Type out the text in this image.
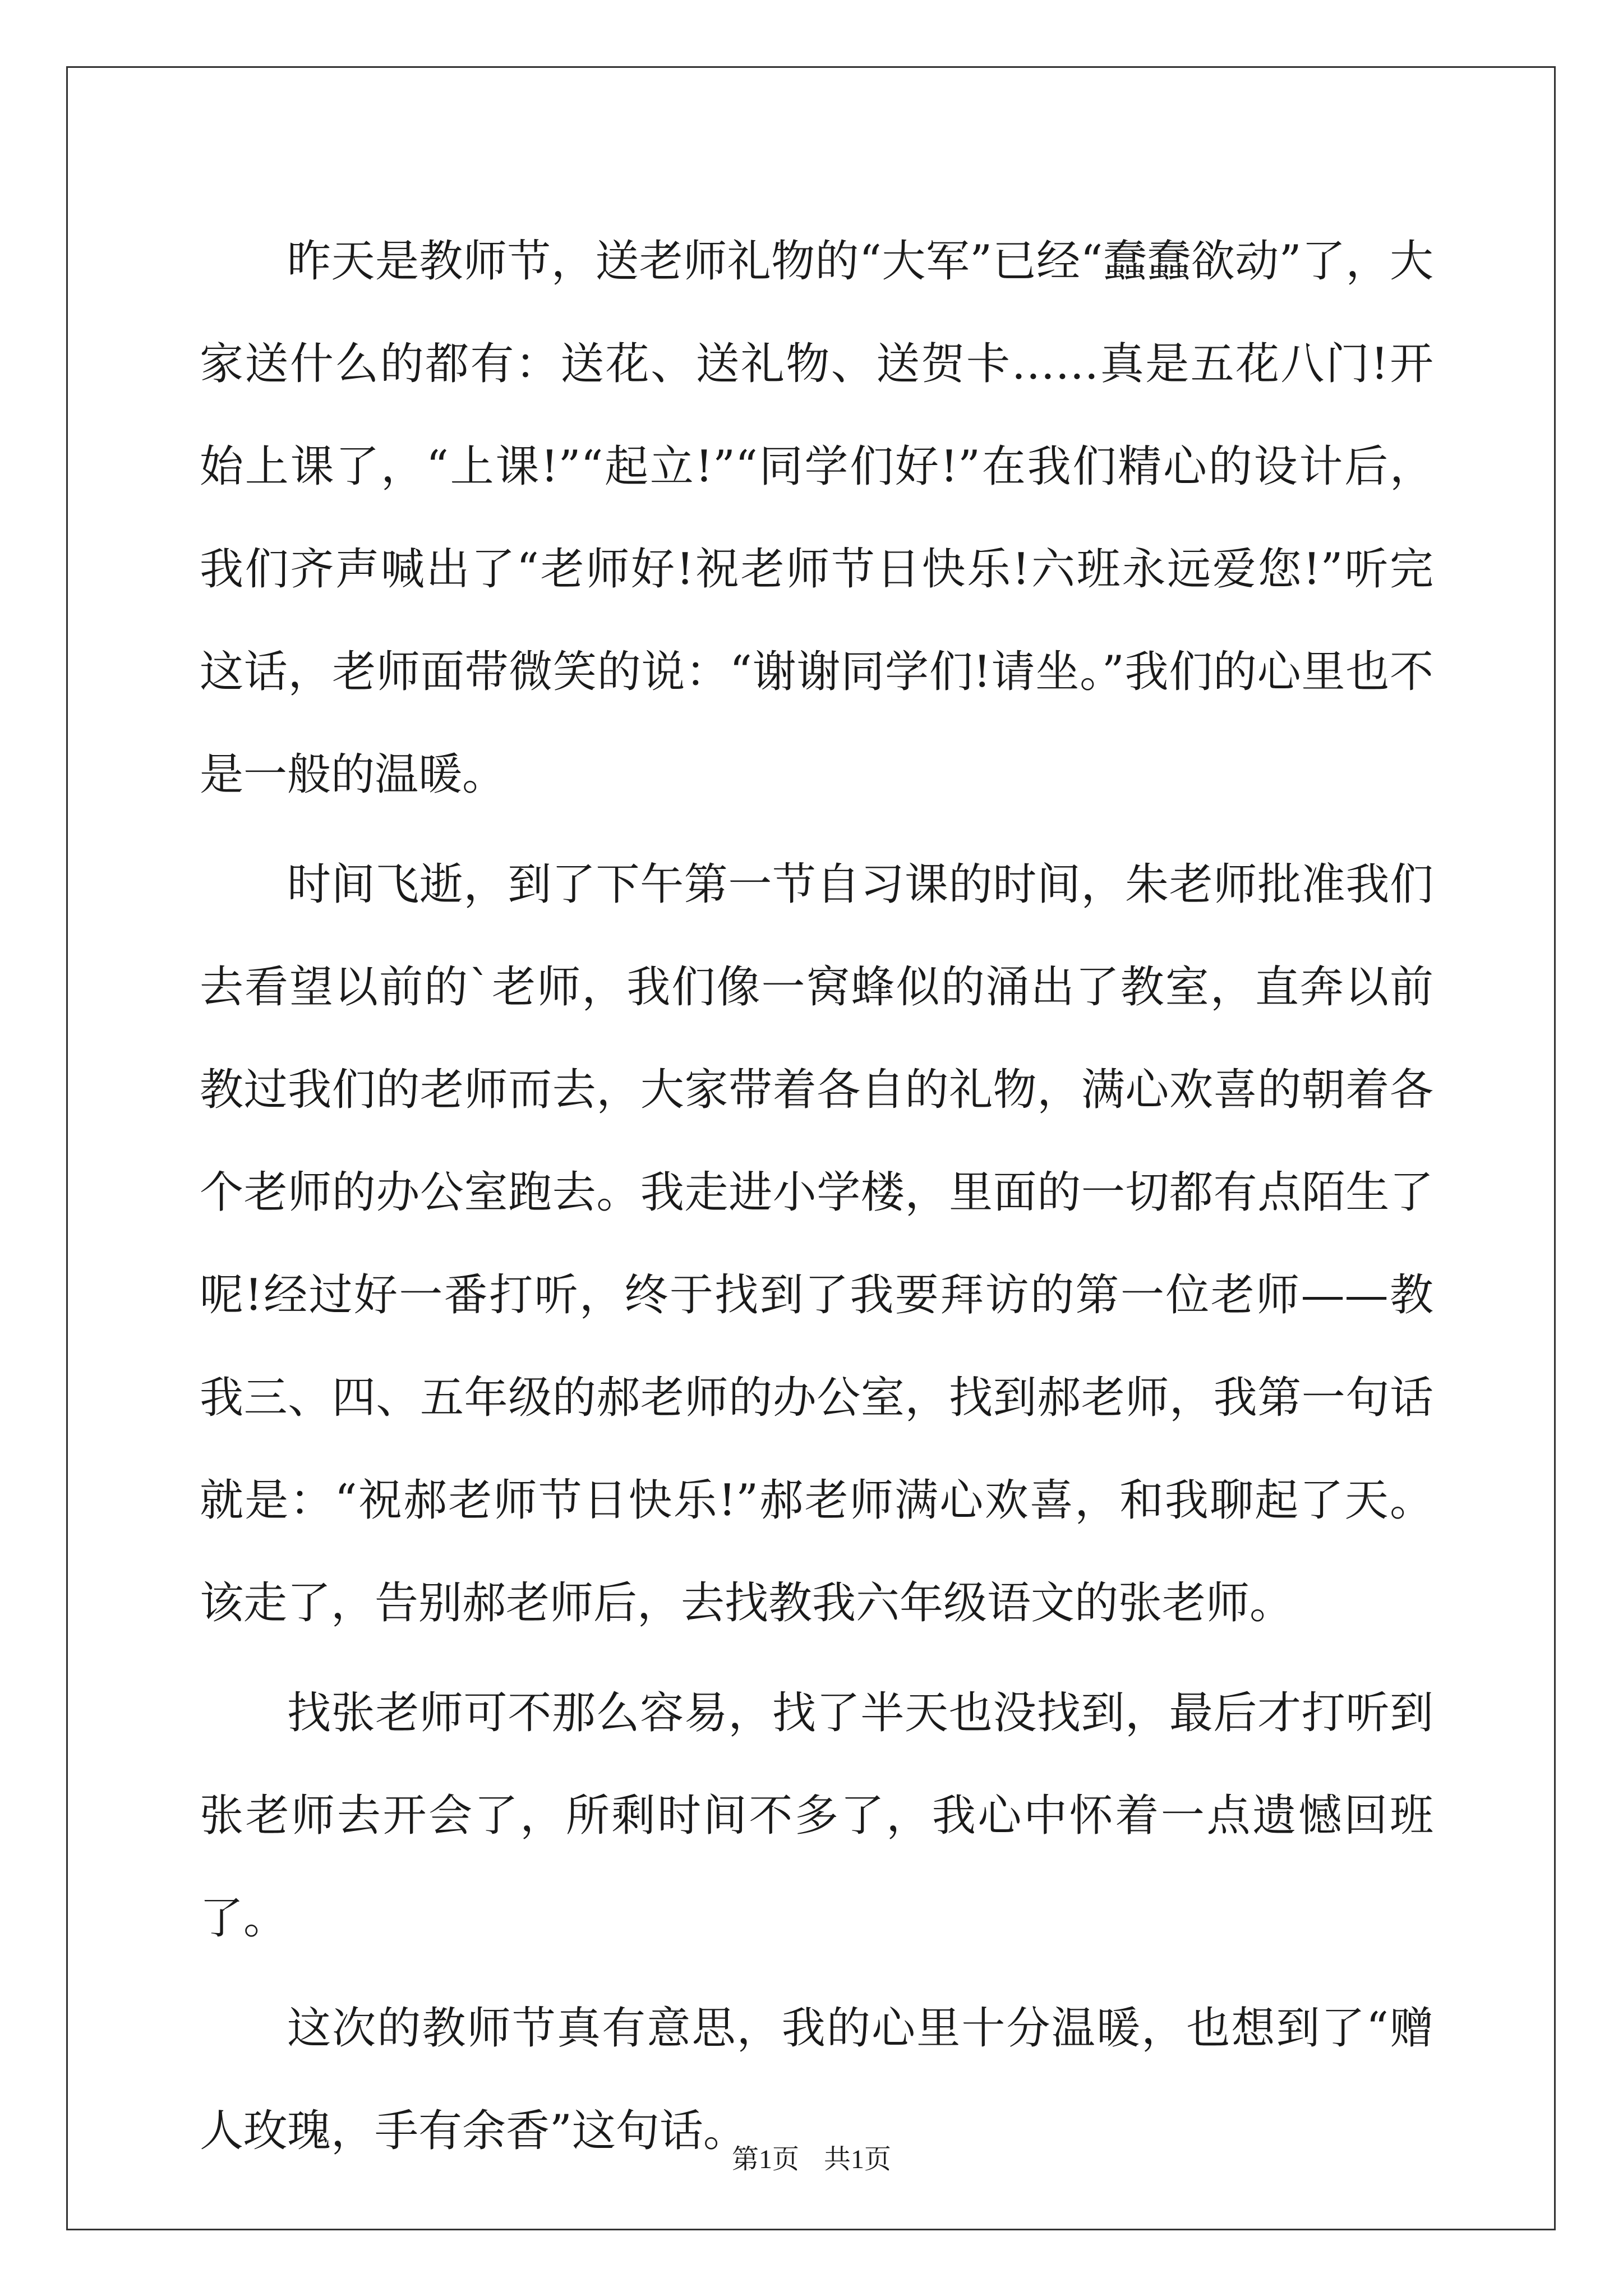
昨天是教师节，送老师礼物的“大军”已经“蠢蠢欲动”了，大家送什么的都有：送花、送礼物、送贺卡……真是五花八门!开始上课了，“上课!”“起立!”“同学们好!”在我们精心的设计后，我们齐声喊出了“老师好!祝老师节日快乐!六班永远爱您!”听完这话，老师面带微笑的说：“谢谢同学们!请坐。”我们的心里也不是一般的温暖。

时间飞逝，到了下午第一节自习课的时间，朱老师批准我们去看望以前的`老师，我们像一窝蜂似的涌出了教室，直奔以前教过我们的老师而去，大家带着各自的礼物，满心欢喜的朝着各个老师的办公室跑去。我走进小学楼，里面的一切都有点陌生了呢!经过好一番打听，终于找到了我要拜访的第一位老师——教我三、四、五年级的郝老师的办公室，找到郝老师，我第一句话就是：“祝郝老师节日快乐!”郝老师满心欢喜，和我聊起了天。该走了，告别郝老师后，去找教我六年级语文的张老师。

找张老师可不那么容易，找了半天也没找到，最后才打听到张老师去开会了，所剩时间不多了，我心中怀着一点遗憾回班了。

这次的教师节真有意思，我的心里十分温暖，也想到了“赠人玫瑰，手有余香”这句话。

第1页 共1页
